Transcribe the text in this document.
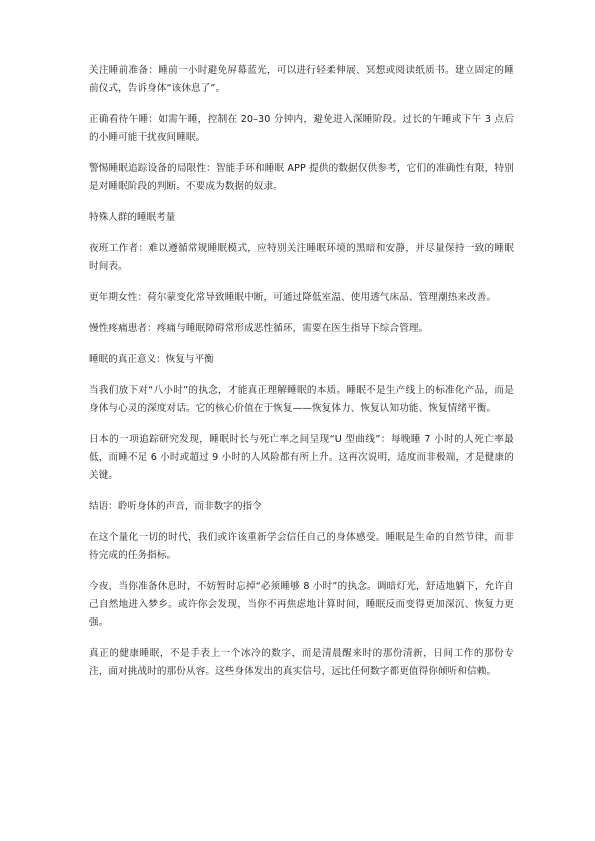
关注睡前准备：睡前一小时避免屏幕蓝光，可以进行轻柔伸展、冥想或阅读纸质书。建立固定的睡前仪式，告诉身体“该休息了”。

正确看待午睡：如需午睡，控制在 20–30 分钟内，避免进入深睡阶段。过长的午睡或下午 3 点后的小睡可能干扰夜间睡眠。

警惕睡眠追踪设备的局限性：智能手环和睡眠 APP 提供的数据仅供参考，它们的准确性有限，特别是对睡眠阶段的判断。不要成为数据的奴隶。

特殊人群的睡眠考量

夜班工作者：难以遵循常规睡眠模式，应特别关注睡眠环境的黑暗和安静，并尽量保持一致的睡眠时间表。

更年期女性：荷尔蒙变化常导致睡眠中断，可通过降低室温、使用透气床品、管理潮热来改善。

慢性疼痛患者：疼痛与睡眠障碍常形成恶性循环，需要在医生指导下综合管理。

睡眠的真正意义：恢复与平衡

当我们放下对“八小时”的执念，才能真正理解睡眠的本质。睡眠不是生产线上的标准化产品，而是身体与心灵的深度对话。它的核心价值在于恢复——恢复体力、恢复认知功能、恢复情绪平衡。

日本的一项追踪研究发现，睡眠时长与死亡率之间呈现“U 型曲线”：每晚睡 7 小时的人死亡率最低，而睡不足 6 小时或超过 9 小时的人风险都有所上升。这再次说明，适度而非极端，才是健康的关键。

结语：聆听身体的声音，而非数字的指令

在这个量化一切的时代，我们或许该重新学会信任自己的身体感受。睡眠是生命的自然节律，而非待完成的任务指标。

今夜，当你准备休息时，不妨暂时忘掉“必须睡够 8 小时”的执念。调暗灯光，舒适地躺下，允许自己自然地进入梦乡。或许你会发现，当你不再焦虑地计算时间，睡眠反而变得更加深沉、恢复力更强。

真正的健康睡眠，不是手表上一个冰冷的数字，而是清晨醒来时的那份清新，日间工作的那份专注，面对挑战时的那份从容。这些身体发出的真实信号，远比任何数字都更值得你倾听和信赖。
